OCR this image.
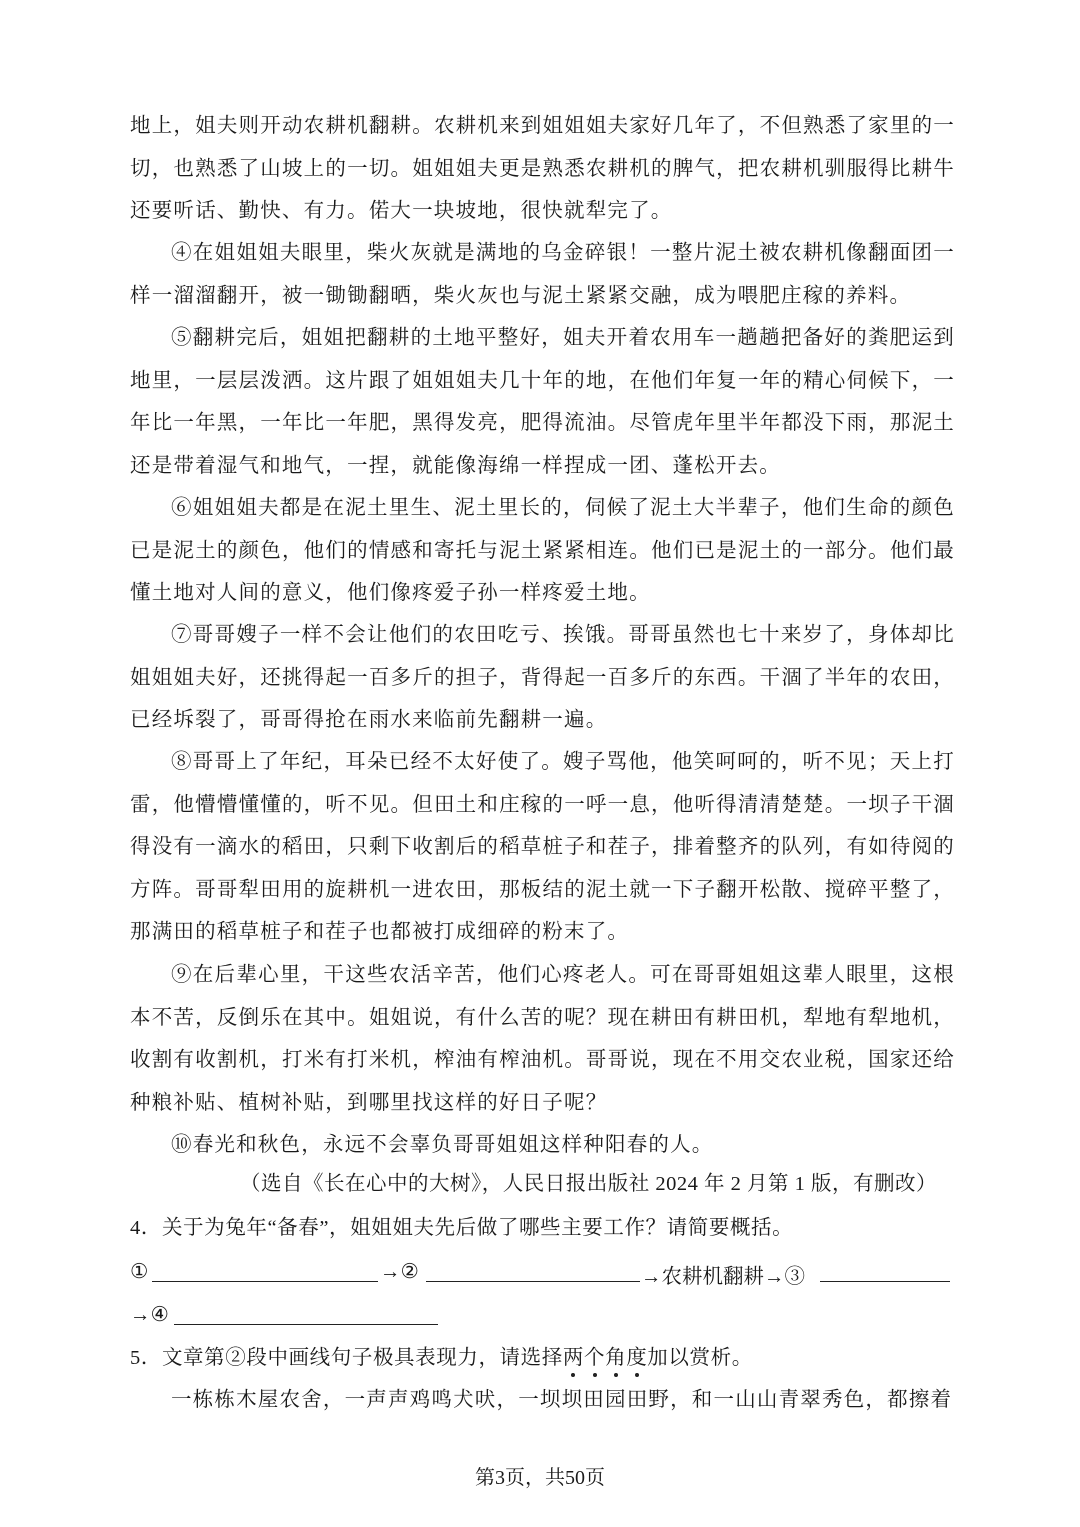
地上，姐夫则开动农耕机翻耕。农耕机来到姐姐姐夫家好几年了，不但熟悉了家里的一切，也熟悉了山坡上的一切。姐姐姐夫更是熟悉农耕机的脾气，把农耕机驯服得比耕牛还要听话、勤快、有力。偌大一块坡地，很快就犁完了。

④在姐姐姐夫眼里，柴火灰就是满地的乌金碎银！一整片泥土被农耕机像翻面团一样一溜溜翻开，被一锄锄翻晒，柴火灰也与泥土紧紧交融，成为喂肥庄稼的养料。

⑤翻耕完后，姐姐把翻耕的土地平整好，姐夫开着农用车一趟趟把备好的粪肥运到地里，一层层泼洒。这片跟了姐姐姐夫几十年的地，在他们年复一年的精心伺候下，一年比一年黑，一年比一年肥，黑得发亮，肥得流油。尽管虎年里半年都没下雨，那泥土还是带着湿气和地气，一捏，就能像海绵一样捏成一团、蓬松开去。

⑥姐姐姐夫都是在泥土里生、泥土里长的，伺候了泥土大半辈子，他们生命的颜色已是泥土的颜色，他们的情感和寄托与泥土紧紧相连。他们已是泥土的一部分。他们最懂土地对人间的意义，他们像疼爱子孙一样疼爱土地。

⑦哥哥嫂子一样不会让他们的农田吃亏、挨饿。哥哥虽然也七十来岁了，身体却比姐姐姐夫好，还挑得起一百多斤的担子，背得起一百多斤的东西。干涸了半年的农田，已经坼裂了，哥哥得抢在雨水来临前先翻耕一遍。

⑧哥哥上了年纪，耳朵已经不太好使了。嫂子骂他，他笑呵呵的，听不见；天上打雷，他懵懵懂懂的，听不见。但田土和庄稼的一呼一息，他听得清清楚楚。一坝子干涸得没有一滴水的稻田，只剩下收割后的稻草桩子和茬子，排着整齐的队列，有如待阅的方阵。哥哥犁田用的旋耕机一进农田，那板结的泥土就一下子翻开松散、搅碎平整了，那满田的稻草桩子和茬子也都被打成细碎的粉末了。

⑨在后辈心里，干这些农活辛苦，他们心疼老人。可在哥哥姐姐这辈人眼里，这根本不苦，反倒乐在其中。姐姐说，有什么苦的呢？现在耕田有耕田机，犁地有犁地机，收割有收割机，打米有打米机，榨油有榨油机。哥哥说，现在不用交农业税，国家还给种粮补贴、植树补贴，到哪里找这样的好日子呢？

⑩春光和秋色，永远不会辜负哥哥姐姐这样种阳春的人。

（选自《长在心中的大树》，人民日报出版社 2024 年 2 月第 1 版，有删改）
4．关于为兔年“备春”，姐姐姐夫先后做了哪些主要工作？请简要概括。
①	→②	→农耕机翻耕→③
→④
5．文章第②段中画线句子极具表现力，请选择两个角度加以赏析。

一栋栋木屋农舍，一声声鸡鸣犬吠，一坝坝田园田野，和一山山青翠秀色，都擦着

第3页，共50页
